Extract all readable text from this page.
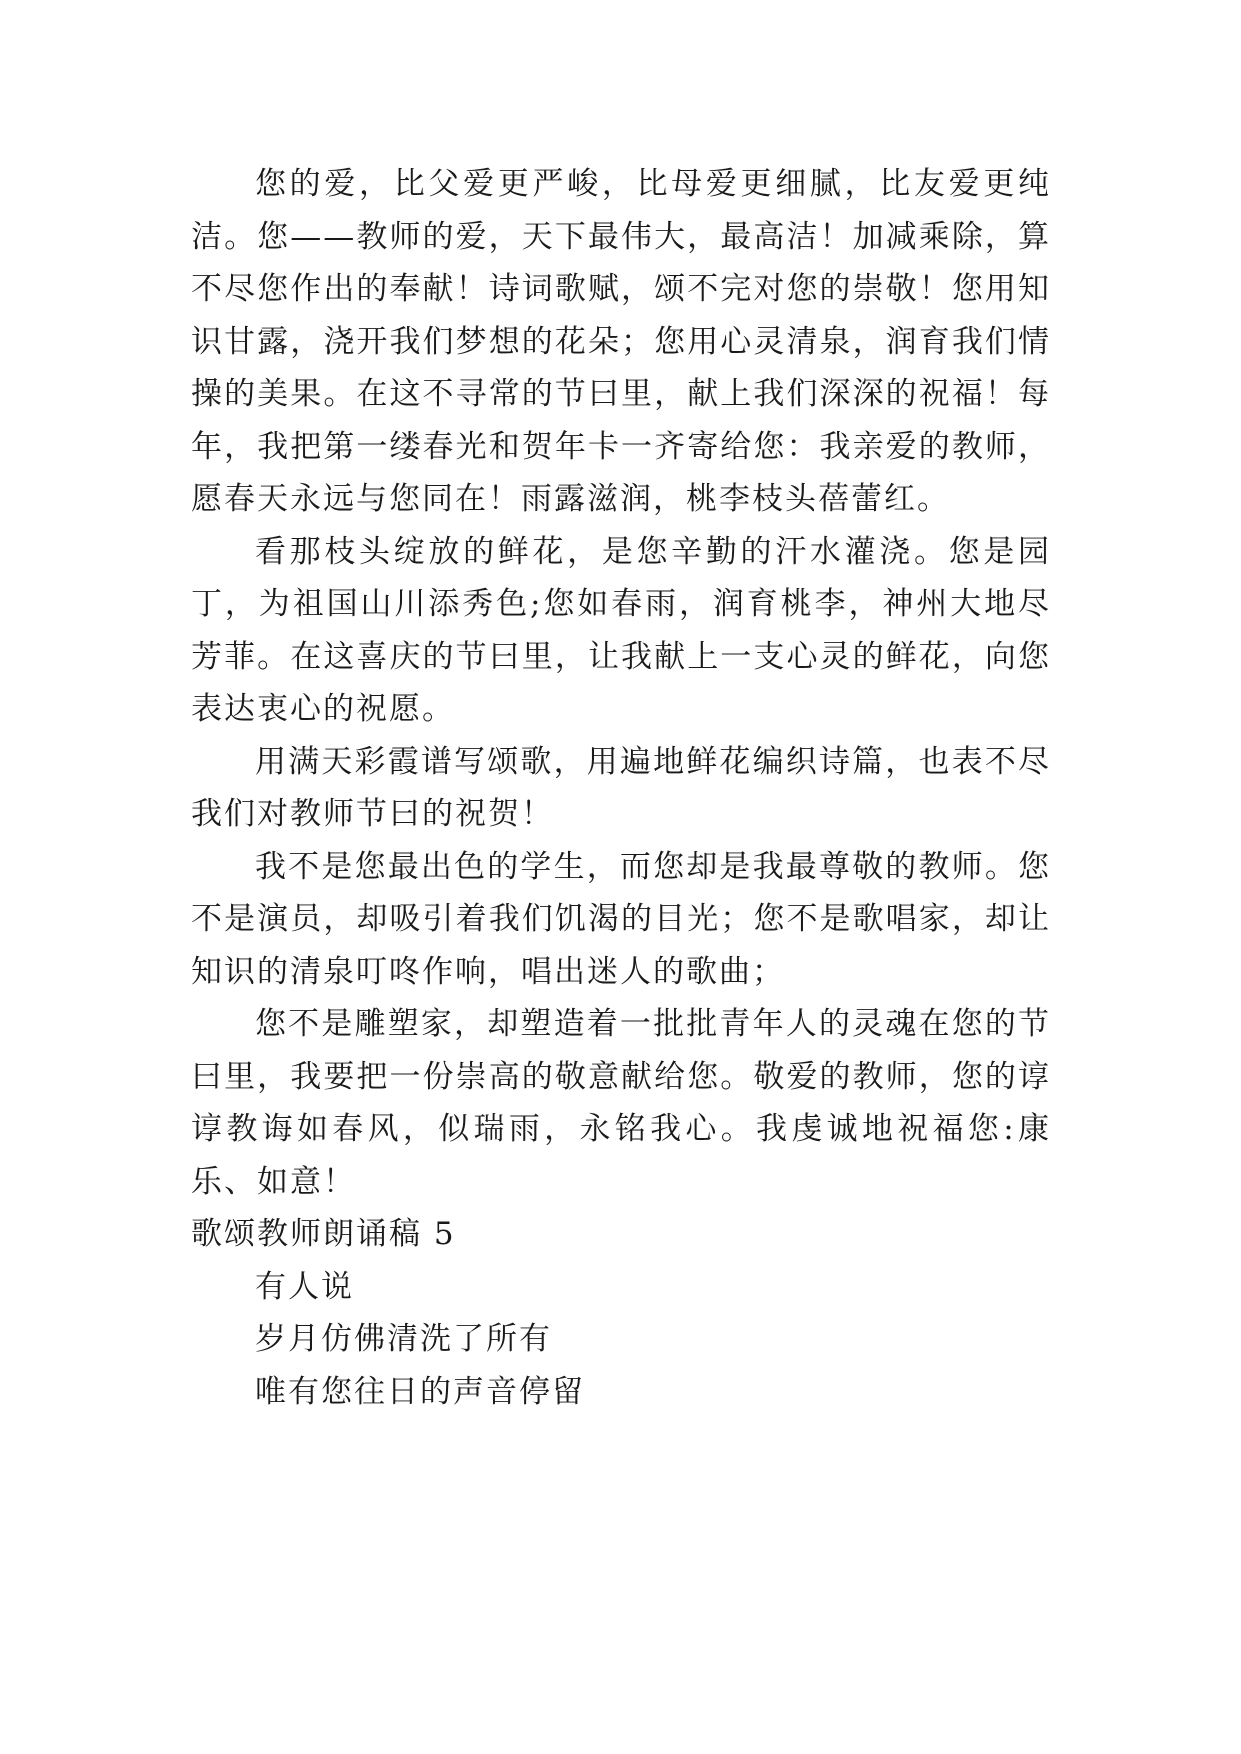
您的爱，比父爱更严峻，比母爱更细腻，比友爱更纯洁。您——教师的爱，天下最伟大，最高洁！加减乘除，算不尽您作出的奉献！诗词歌赋，颂不完对您的崇敬！您用知识甘露，浇开我们梦想的花朵；您用心灵清泉，润育我们情操的美果。在这不寻常的节曰里，献上我们深深的祝福！每年，我把第一缕春光和贺年卡一齐寄给您：我亲爱的教师，愿春天永远与您同在！雨露滋润，桃李枝头蓓蕾红。

看那枝头绽放的鲜花，是您辛勤的汗水灌浇。您是园丁，为祖国山川添秀色;您如春雨，润育桃李，神州大地尽芳菲。在这喜庆的节曰里，让我献上一支心灵的鲜花，向您表达衷心的祝愿。

用满天彩霞谱写颂歌，用遍地鲜花编织诗篇，也表不尽我们对教师节曰的祝贺！

我不是您最出色的学生，而您却是我最尊敬的教师。您不是演员，却吸引着我们饥渴的目光；您不是歌唱家，却让知识的清泉叮咚作响，唱出迷人的歌曲；

您不是雕塑家，却塑造着一批批青年人的灵魂在您的节曰里，我要把一份崇高的敬意献给您。敬爱的教师，您的谆谆教诲如春风，似瑞雨，永铭我心。我虔诚地祝福您:康乐、如意！

歌颂教师朗诵稿 5

有人说

岁月仿佛清洗了所有

唯有您往日的声音停留
